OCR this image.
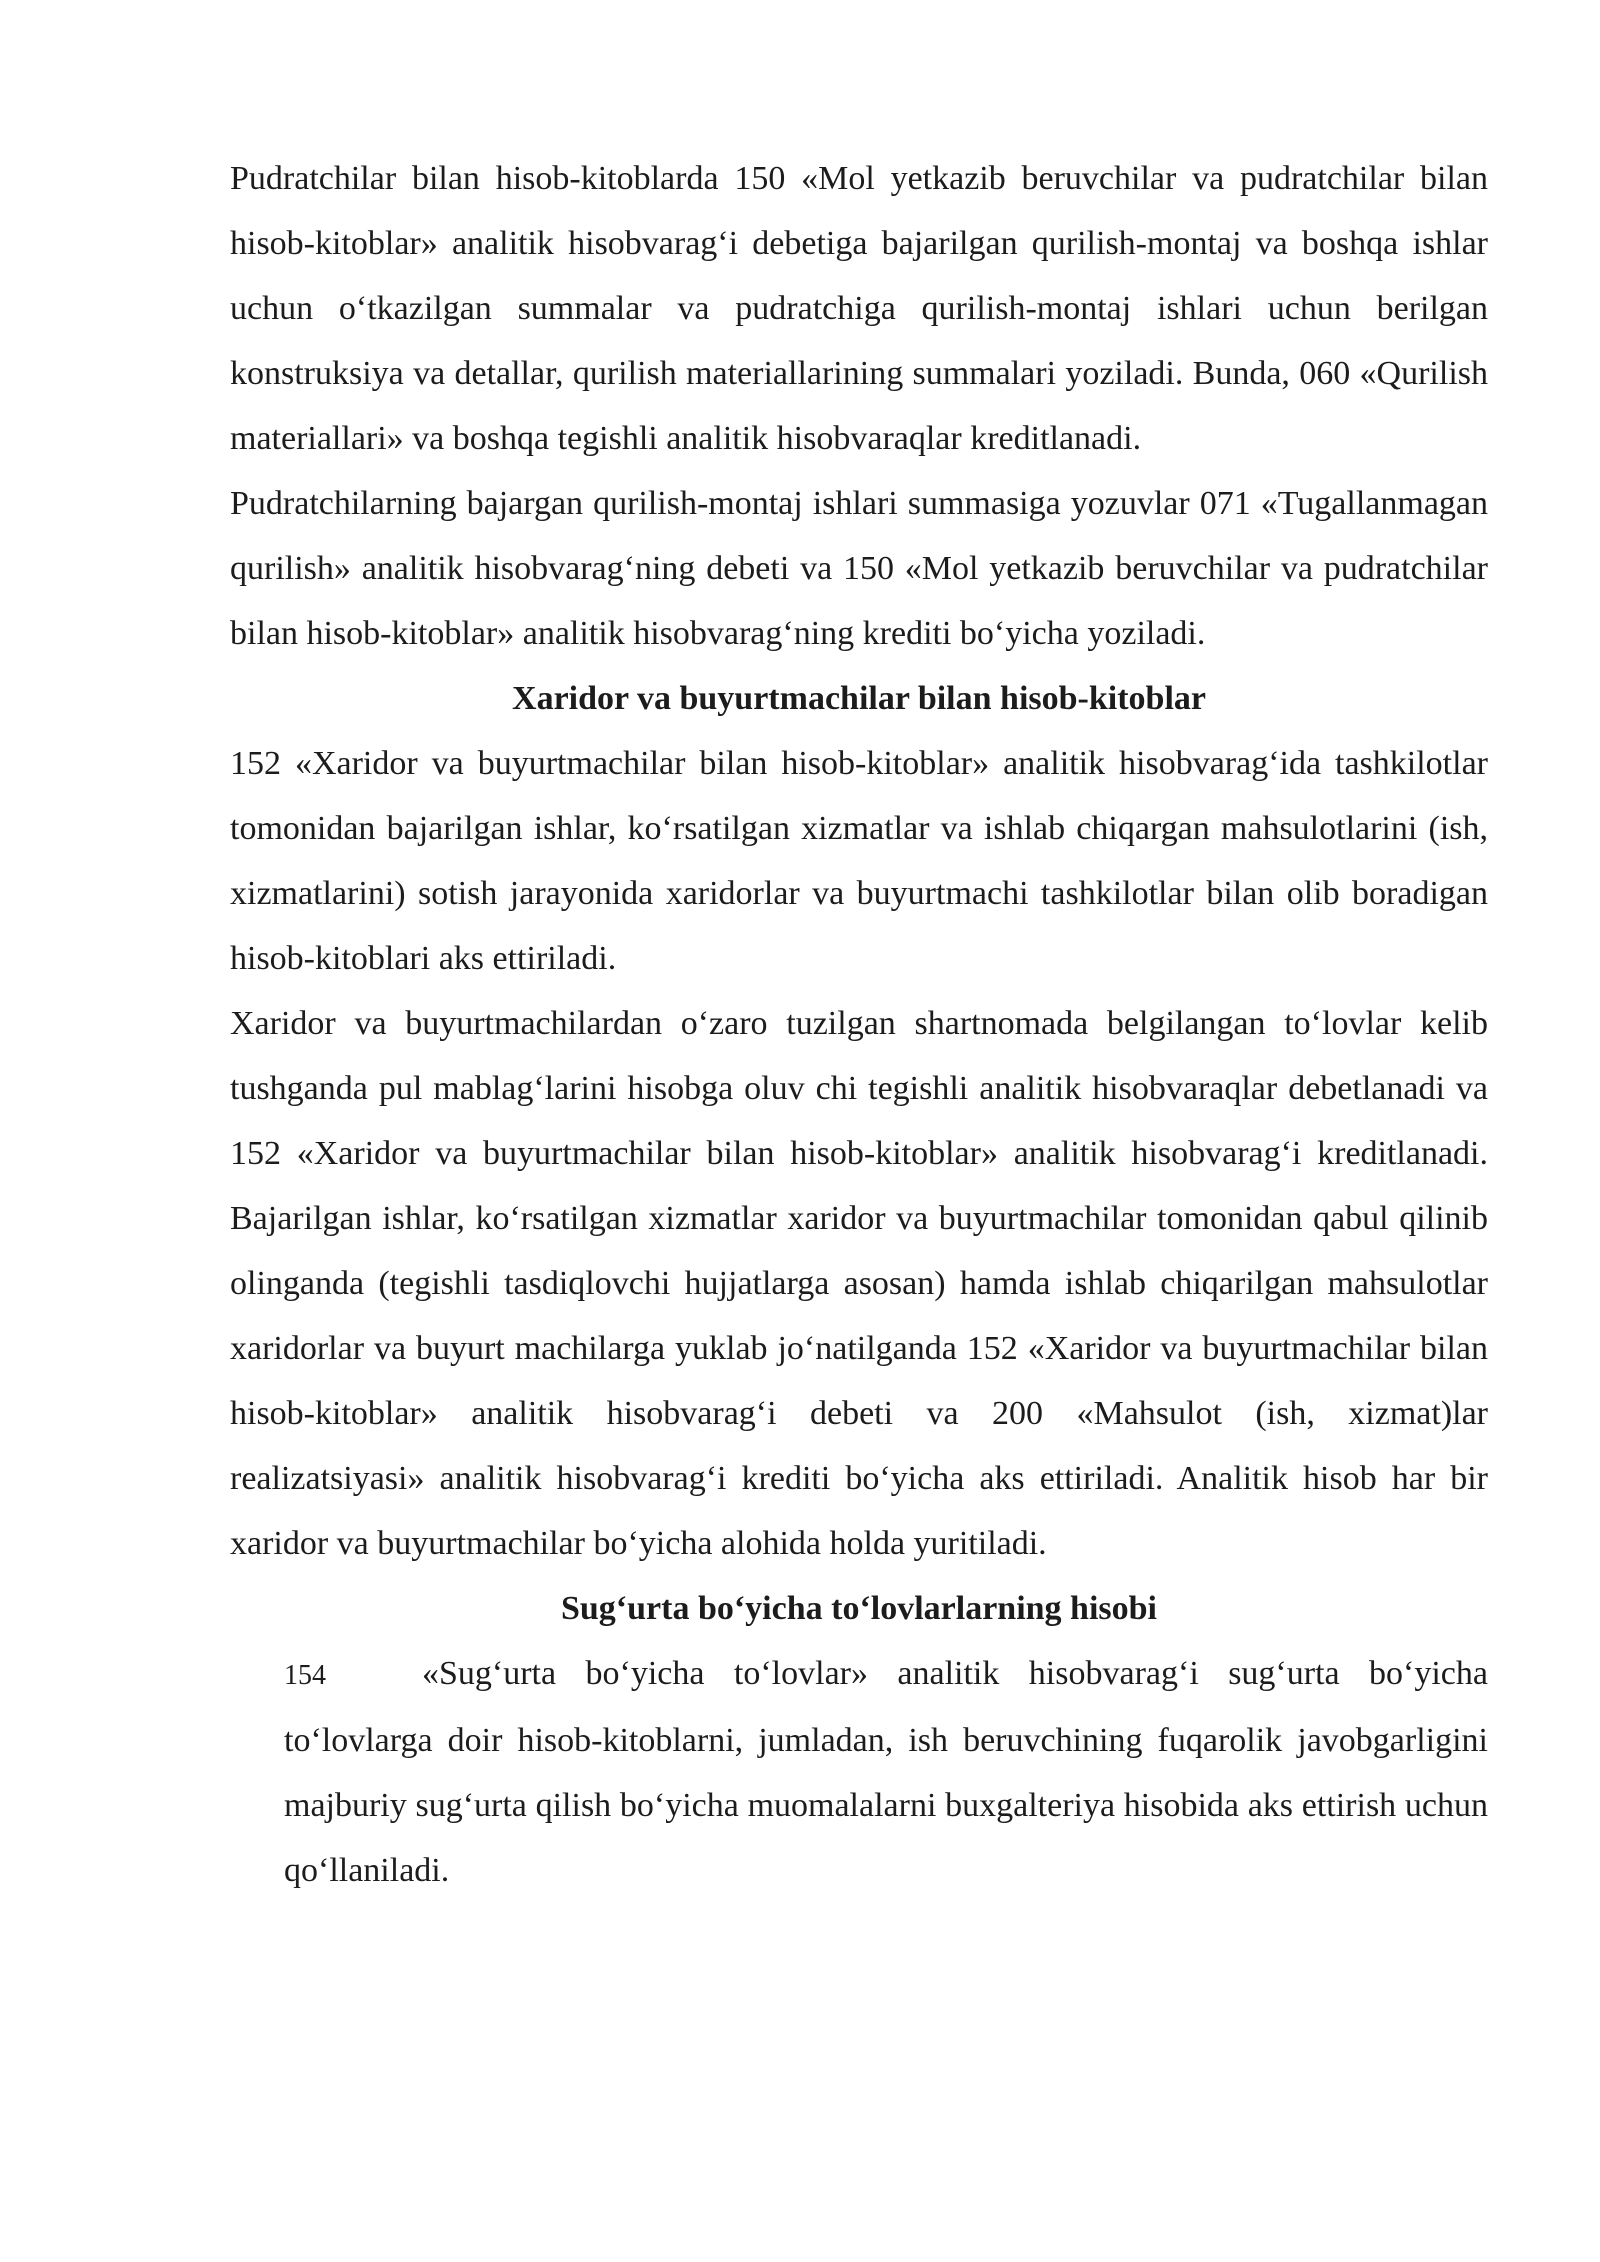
Pudratchilar bilan hisob-kitoblarda 150 «Mol yetkazib beruvchilar va pudratchilar bilan hisob-kitoblar» analitik hisobvarag‘i debetiga bajarilgan qurilish-montaj va boshqa ishlar uchun o‘tkazilgan summalar va pudratchiga qurilish-montaj ishlari uchun berilgan konstruksiya va detallar, qurilish materiallarining summalari yoziladi. Bunda, 060 «Qurilish materiallari» va boshqa tegishli analitik hisobvaraqlar kreditlanadi.

Pudratchilarning bajargan qurilish-montaj ishlari summasiga yozuvlar 071 «Tugallanmagan qurilish» analitik hisobvarag‘ning debeti va 150 «Mol yetkazib beruvchilar va pudratchilar bilan hisob-kitoblar» analitik hisobvarag‘ning krediti bo‘yicha yoziladi.

Xaridor va buyurtmachilar bilan hisob-kitoblar

152 «Xaridor va buyurtmachilar bilan hisob-kitoblar» analitik hisobvarag‘ida tashkilotlar tomonidan bajarilgan ishlar, ko‘rsatilgan xizmatlar va ishlab chiqargan mahsulotlarini (ish, xizmatlarini) sotish jarayonida xaridorlar va buyurtmachi tashkilotlar bilan olib boradigan hisob-kitoblari aks ettiriladi.

Xaridor va buyurtmachilardan o‘zaro tuzilgan shartnomada belgilangan to‘lovlar kelib tushganda pul mablag‘larini hisobga oluv chi tegishli analitik hisobvaraqlar debetlanadi va 152 «Xaridor va buyurtmachilar bilan hisob-kitoblar» analitik hisobvarag‘i kreditlanadi. Bajarilgan ishlar, ko‘rsatilgan xizmatlar xaridor va buyurtmachilar tomonidan qabul qilinib olinganda (tegishli tasdiqlovchi hujjatlarga asosan) hamda ishlab chiqarilgan mahsulotlar xaridorlar va buyurt machilarga yuklab jo‘natilganda 152 «Xaridor va buyurtmachilar bilan hisob-kitoblar» analitik hisobvarag‘i debeti va 200 «Mahsulot (ish, xizmat)lar realizatsiyasi» analitik hisobvarag‘i krediti bo‘yicha aks ettiriladi. Analitik hisob har bir xaridor va buyurtmachilar bo‘yicha alohida holda yuritiladi.

Sug‘urta bo‘yicha to‘lovlarlarning hisobi

154	«Sug‘urta bo‘yicha to‘lovlar» analitik hisobvarag‘i sug‘urta bo‘yicha to‘lovlarga doir hisob-kitoblarni, jumladan, ish beruvchining fuqarolik javobgarligini majburiy sug‘urta qilish bo‘yicha muomalalarni buxgalteriya hisobida aks ettirish uchun qo‘llaniladi.
